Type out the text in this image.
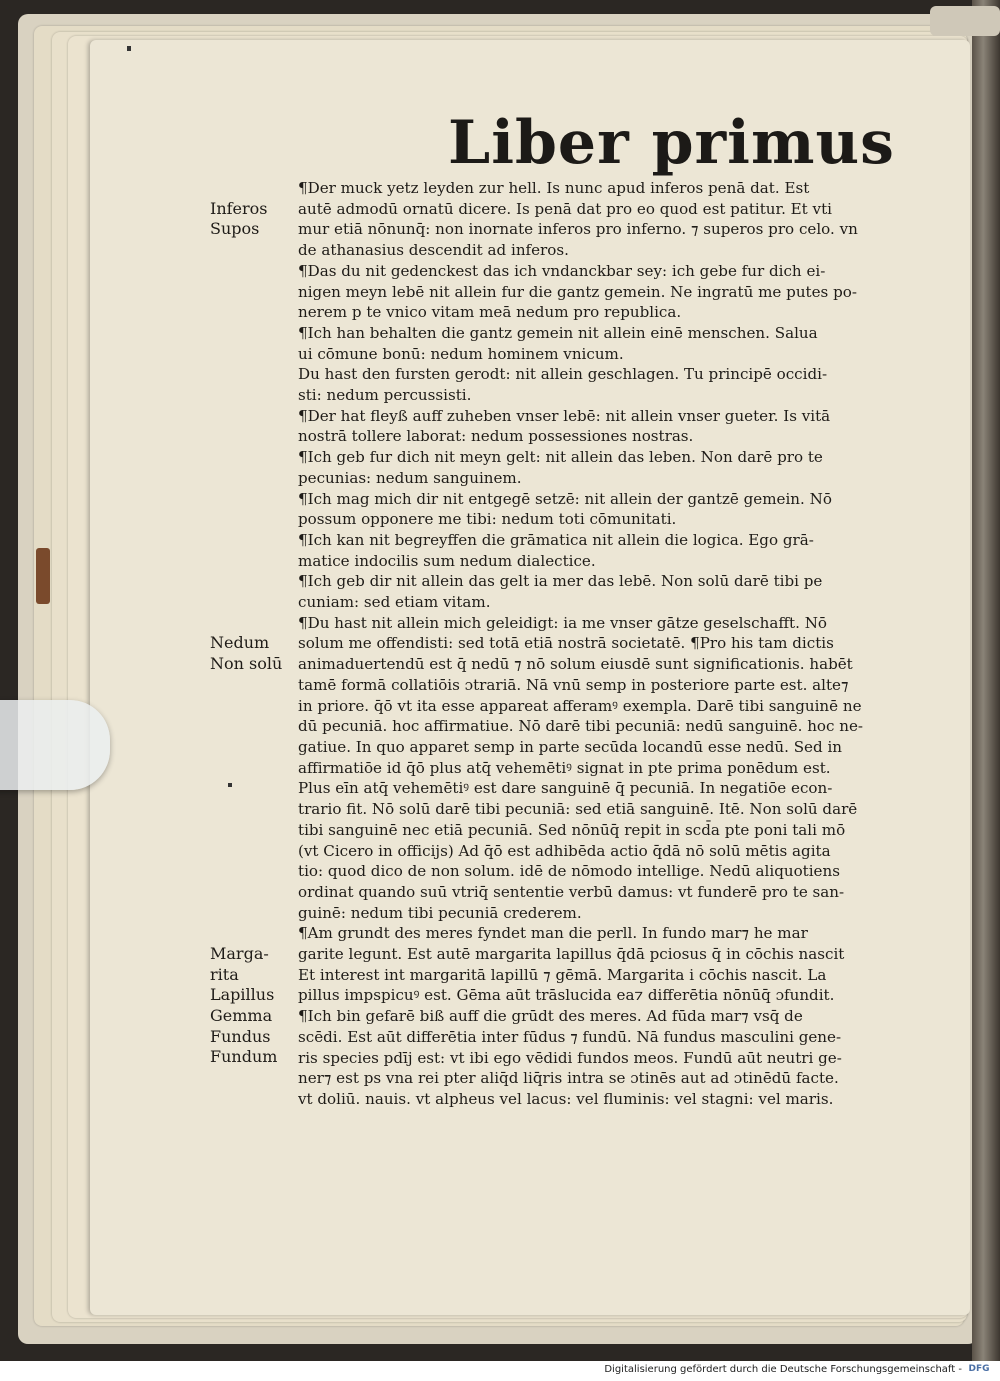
Liber primus

¶Der muck yetz leyden zur hell. Is nunc apud inferos penā dat. Est

autē admodū ornatū dicere. Is penā dat pro eo quod est patitur. Et vti

mur etiā nōnunq̄: non inornate inferos pro inferno. ⁊ superos pro celo. vn

de athanasius descendit ad inferos.

¶Das du nit gedenckest das ich vndanckbar sey: ich gebe fur dich ei-

nigen meyn lebē nit allein fur die gantz gemein. Ne ingratū me putes po-

nerem p te vnico vitam meā nedum pro republica.

¶Ich han behalten die gantz gemein nit allein einē menschen. Salua

ui cōmune bonū: nedum hominem vnicum.

Du hast den fursten gerodt: nit allein geschlagen. Tu principē occidi-

sti: nedum percussisti.

¶Der hat fleyß auff zuheben vnser lebē: nit allein vnser gueter. Is vitā

nostrā tollere laborat: nedum possessiones nostras.

¶Ich geb fur dich nit meyn gelt: nit allein das leben. Non darē pro te

pecunias: nedum sanguinem.

¶Ich mag mich dir nit entgegē setzē: nit allein der gantzē gemein. Nō

possum opponere me tibi: nedum toti cōmunitati.

¶Ich kan nit begreyffen die grāmatica nit allein die logica. Ego grā-

matice indocilis sum nedum dialectice.

¶Ich geb dir nit allein das gelt ia mer das lebē. Non solū darē tibi pe

cuniam: sed etiam vitam.

¶Du hast nit allein mich geleidigt: ia me vnser gātze geselschafft. Nō

solum me offendisti: sed totā etiā nostrā societatē. ¶Pro his tam dictis

animaduertendū est q̄ nedū ⁊ nō solum eiusdē sunt significationis. habēt

tamē formā collatiōis ɔtrariā. Nā vnū semp in posteriore parte est. alte⁊

in priore. q̄ō vt ita esse appareat afferamꝰ exempla. Darē tibi sanguinē ne

dū pecuniā. hoc affirmatiue. Nō darē tibi pecuniā: nedū sanguinē. hoc ne-

gatiue. In quo apparet semp in parte secūda locandū esse nedū. Sed in

affirmatiōe id q̄ō plus atq̄ vehemētiꝰ signat in pte prima ponēdum est.

Plus eīn atq̄ vehemētiꝰ est dare sanguinē q̄ pecuniā. In negatiōe econ-

trario fit. Nō solū darē tibi pecuniā: sed etiā sanguinē. Itē. Non solū darē

tibi sanguinē nec etiā pecuniā. Sed nōnūq̄ repit in scd̄a pte poni tali mō

(vt Cicero in officijs) Ad q̄ō est adhibēda actio q̄dā nō solū mētis agita

tio: quod dico de non solum. idē de nōmodo intellige. Nedū aliquotiens

ordinat quando suū vtriq̄ sententie verbū damus: vt funderē pro te san-

guinē: nedum tibi pecuniā crederem.

¶Am grundt des meres fyndet man die perll. In fundo mar⁊ he mar

garite legunt. Est autē margarita lapillus q̄dā pciosus q̄ in cōchis nascit

Et interest int margaritā lapillū ⁊ gēmā. Margarita i cōchis nascit. La

pillus impspicuꝰ est. Gēma aūt trāslucida ea⁊ differētia nōnūq̄ ɔfundit.

¶Ich bin gefarē biß auff die grūdt des meres. Ad fūda mar⁊ vsq̄ de

scēdi. Est aūt differētia inter fūdus ⁊ fundū. Nā fundus masculini gene-

ris species pdīj est: vt ibi ego vēdidi fundos meos. Fundū aūt neutri ge-

ner⁊ est ps vna rei pter aliq̄d liq̄ris intra se ɔtinēs aut ad ɔtinēdū facte.

vt doliū. nauis. vt alpheus vel lacus: vel fluminis: vel stagni: vel maris.

Inferos
Supos
Nedum
Non solū
Marga-
rita
Lapillus
Gemma
Fundus
Fundum
Digitalisierung gefördert durch die Deutsche Forschungsgemeinschaft - DFG
